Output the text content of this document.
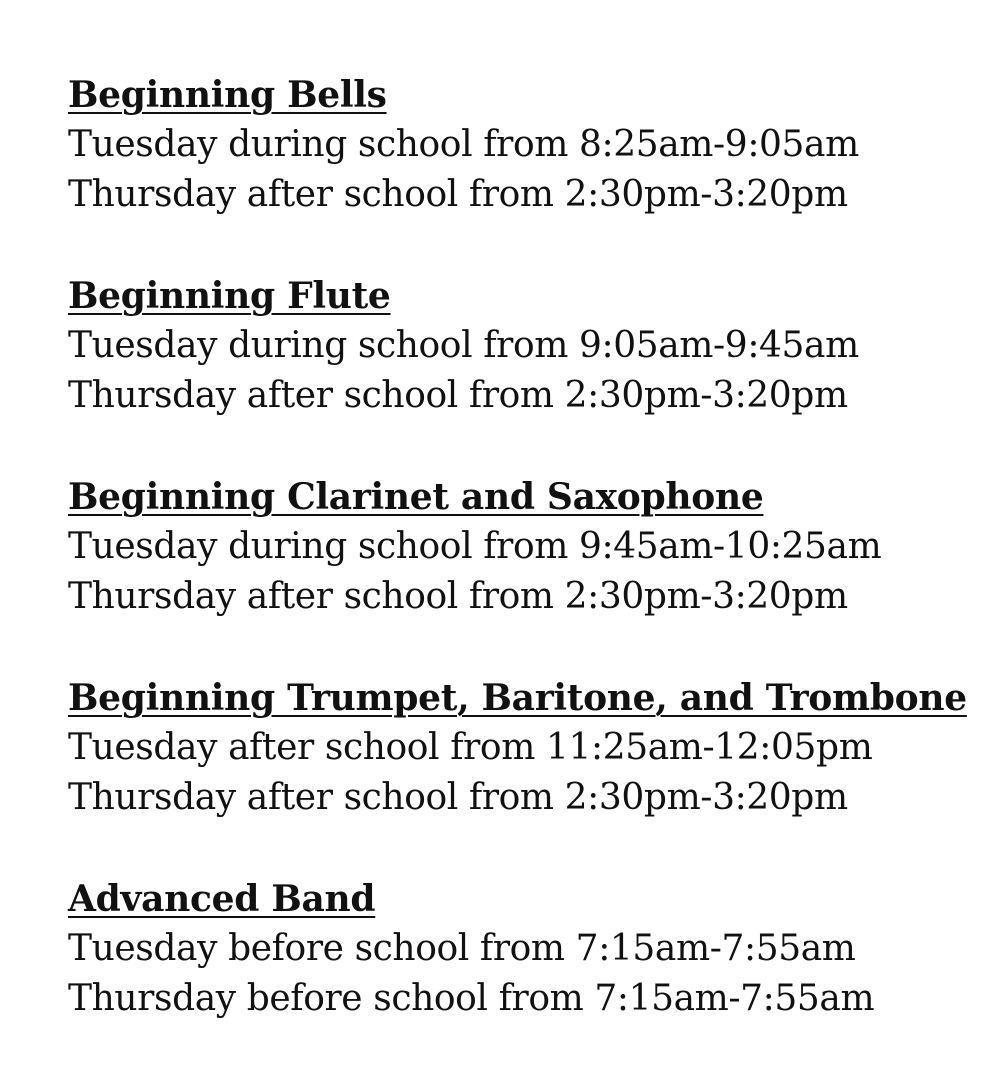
Beginning Bells
Tuesday during school from 8:25am-9:05am
Thursday after school from 2:30pm-3:20pm
Beginning Flute
Tuesday during school from 9:05am-9:45am
Thursday after school from 2:30pm-3:20pm
Beginning Clarinet and Saxophone
Tuesday during school from 9:45am-10:25am
Thursday after school from 2:30pm-3:20pm
Beginning Trumpet, Baritone, and Trombone
Tuesday after school from 11:25am-12:05pm
Thursday after school from 2:30pm-3:20pm
Advanced Band
Tuesday before school from 7:15am-7:55am
Thursday before school from 7:15am-7:55am
